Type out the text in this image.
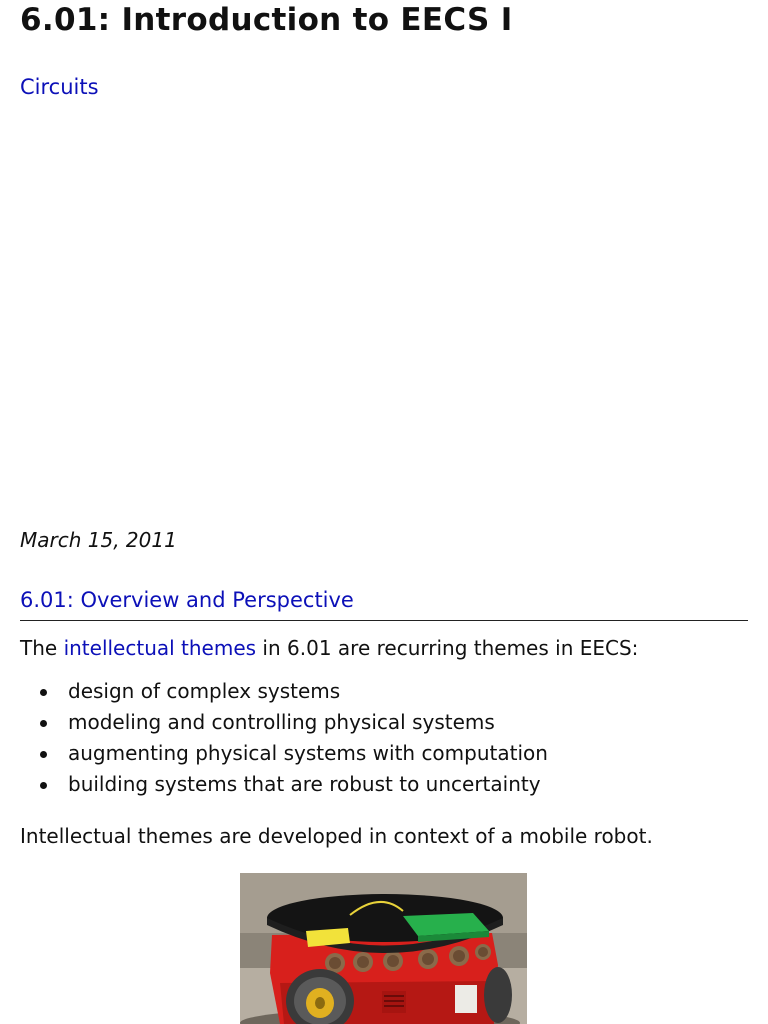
6.01: Introduction to EECS I
Circuits

March 15, 2011

6.01: Overview and Perspective

The intellectual themes in 6.01 are recurring themes in EECS:

design of complex systems
modeling and controlling physical systems
augmenting physical systems with computation
building systems that are robust to uncertainty

Intellectual themes are developed in context of a mobile robot.
